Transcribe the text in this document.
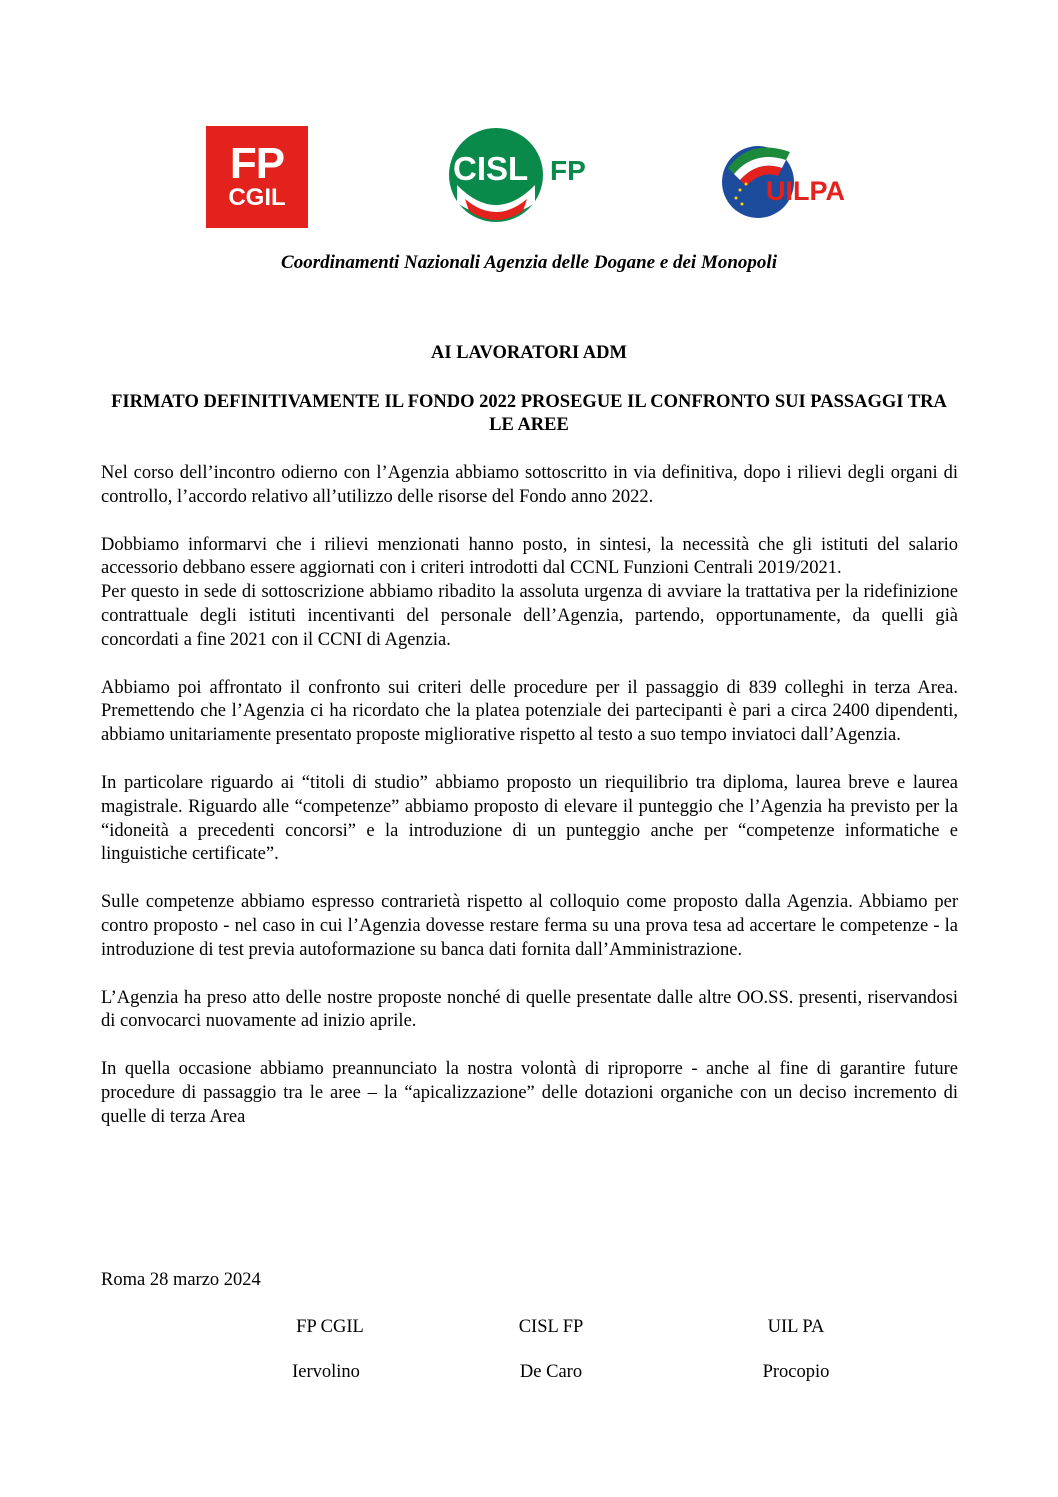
FP
CGIL
CISL FP
UILPA
Coordinamenti Nazionali Agenzia delle Dogane e dei Monopoli
AI LAVORATORI ADM
FIRMATO DEFINITIVAMENTE IL FONDO 2022 PROSEGUE IL CONFRONTO SUI PASSAGGI TRA LE AREE

Nel corso dell’incontro odierno con l’Agenzia abbiamo sottoscritto in via definitiva, dopo i rilievi degli organi di controllo, l’accordo relativo all’utilizzo delle risorse del Fondo anno 2022.

Dobbiamo informarvi che i rilievi menzionati hanno posto, in sintesi, la necessità che gli istituti del salario accessorio debbano essere aggiornati con i criteri introdotti dal CCNL Funzioni Centrali 2019/2021.

Per questo in sede di sottoscrizione abbiamo ribadito la assoluta urgenza di avviare la trattativa per la ridefinizione contrattuale degli istituti incentivanti del personale dell’Agenzia, partendo, opportunamente, da quelli già concordati a fine 2021 con il CCNI di Agenzia.

Abbiamo poi affrontato il confronto sui criteri delle procedure per il passaggio di 839 colleghi in terza Area. Premettendo che l’Agenzia ci ha ricordato che la platea potenziale dei partecipanti è pari a circa 2400 dipendenti, abbiamo unitariamente presentato proposte migliorative rispetto al testo a suo tempo inviatoci dall’Agenzia.

In particolare riguardo ai “titoli di studio” abbiamo proposto un riequilibrio tra diploma, laurea breve e laurea magistrale. Riguardo alle “competenze” abbiamo proposto di elevare il punteggio che l’Agenzia ha previsto per la “idoneità a precedenti concorsi” e la introduzione di un punteggio anche per “competenze informatiche e linguistiche certificate”.

Sulle competenze abbiamo espresso contrarietà rispetto al colloquio come proposto dalla Agenzia. Abbiamo per contro proposto - nel caso in cui l’Agenzia dovesse restare ferma su una prova tesa ad accertare le competenze - la introduzione di test previa autoformazione su banca dati fornita dall’Amministrazione.

L’Agenzia ha preso atto delle nostre proposte nonché di quelle presentate dalle altre OO.SS. presenti, riservandosi di convocarci nuovamente ad inizio aprile.

In quella occasione abbiamo preannunciato la nostra volontà di riproporre - anche al fine di garantire future procedure di passaggio tra le aree – la “apicalizzazione” delle dotazioni organiche con un deciso incremento di quelle di terza Area

Roma 28 marzo 2024
FP CGIL	CISL FP	UIL PA
Iervolino	De Caro	Procopio
